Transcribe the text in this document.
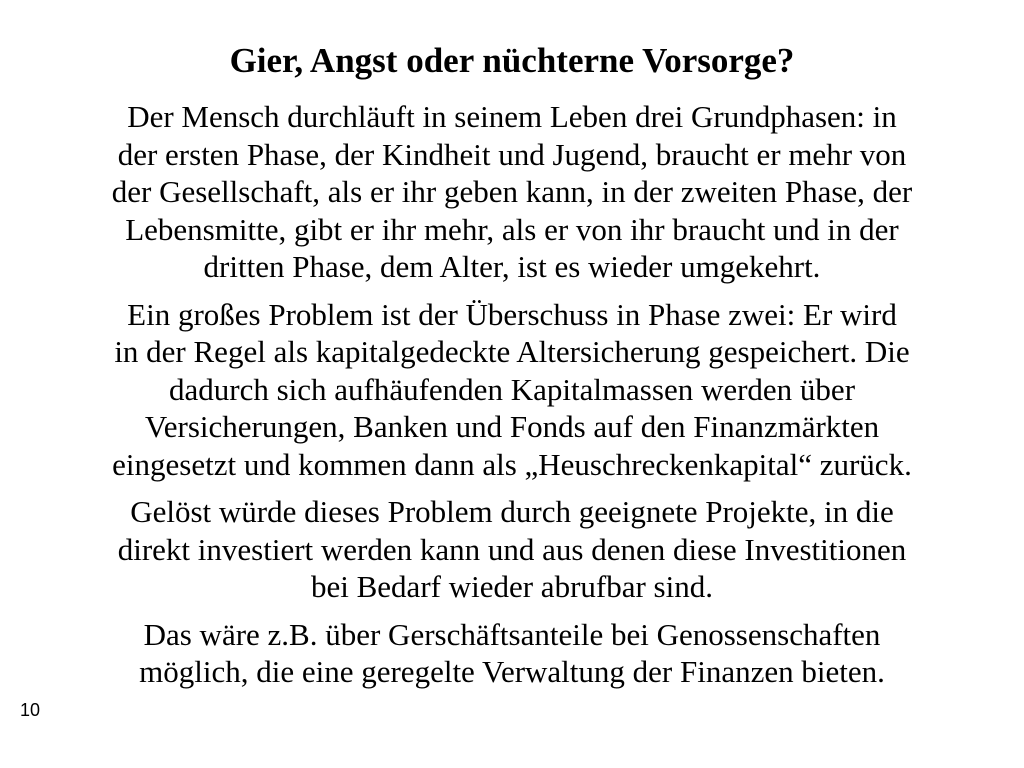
Gier, Angst oder nüchterne Vorsorge?

Der Mensch durchläuft in seinem Leben drei Grundphasen: in
der ersten Phase, der Kindheit und Jugend, braucht er mehr von
der Gesellschaft, als er ihr geben kann, in der zweiten Phase, der
Lebensmitte, gibt er ihr mehr, als er von ihr braucht und in der
dritten Phase, dem Alter, ist es wieder umgekehrt.

Ein großes Problem ist der Überschuss in Phase zwei: Er wird
in der Regel als kapitalgedeckte Altersicherung gespeichert. Die
dadurch sich aufhäufenden Kapitalmassen werden über
Versicherungen, Banken und Fonds auf den Finanzmärkten
eingesetzt und kommen dann als „Heuschreckenkapital“ zurück.

Gelöst würde dieses Problem durch geeignete Projekte, in die
direkt investiert werden kann und aus denen diese Investitionen
bei Bedarf wieder abrufbar sind.

Das wäre z.B. über Gerschäftsanteile bei Genossenschaften
möglich, die eine geregelte Verwaltung der Finanzen bieten.

10
